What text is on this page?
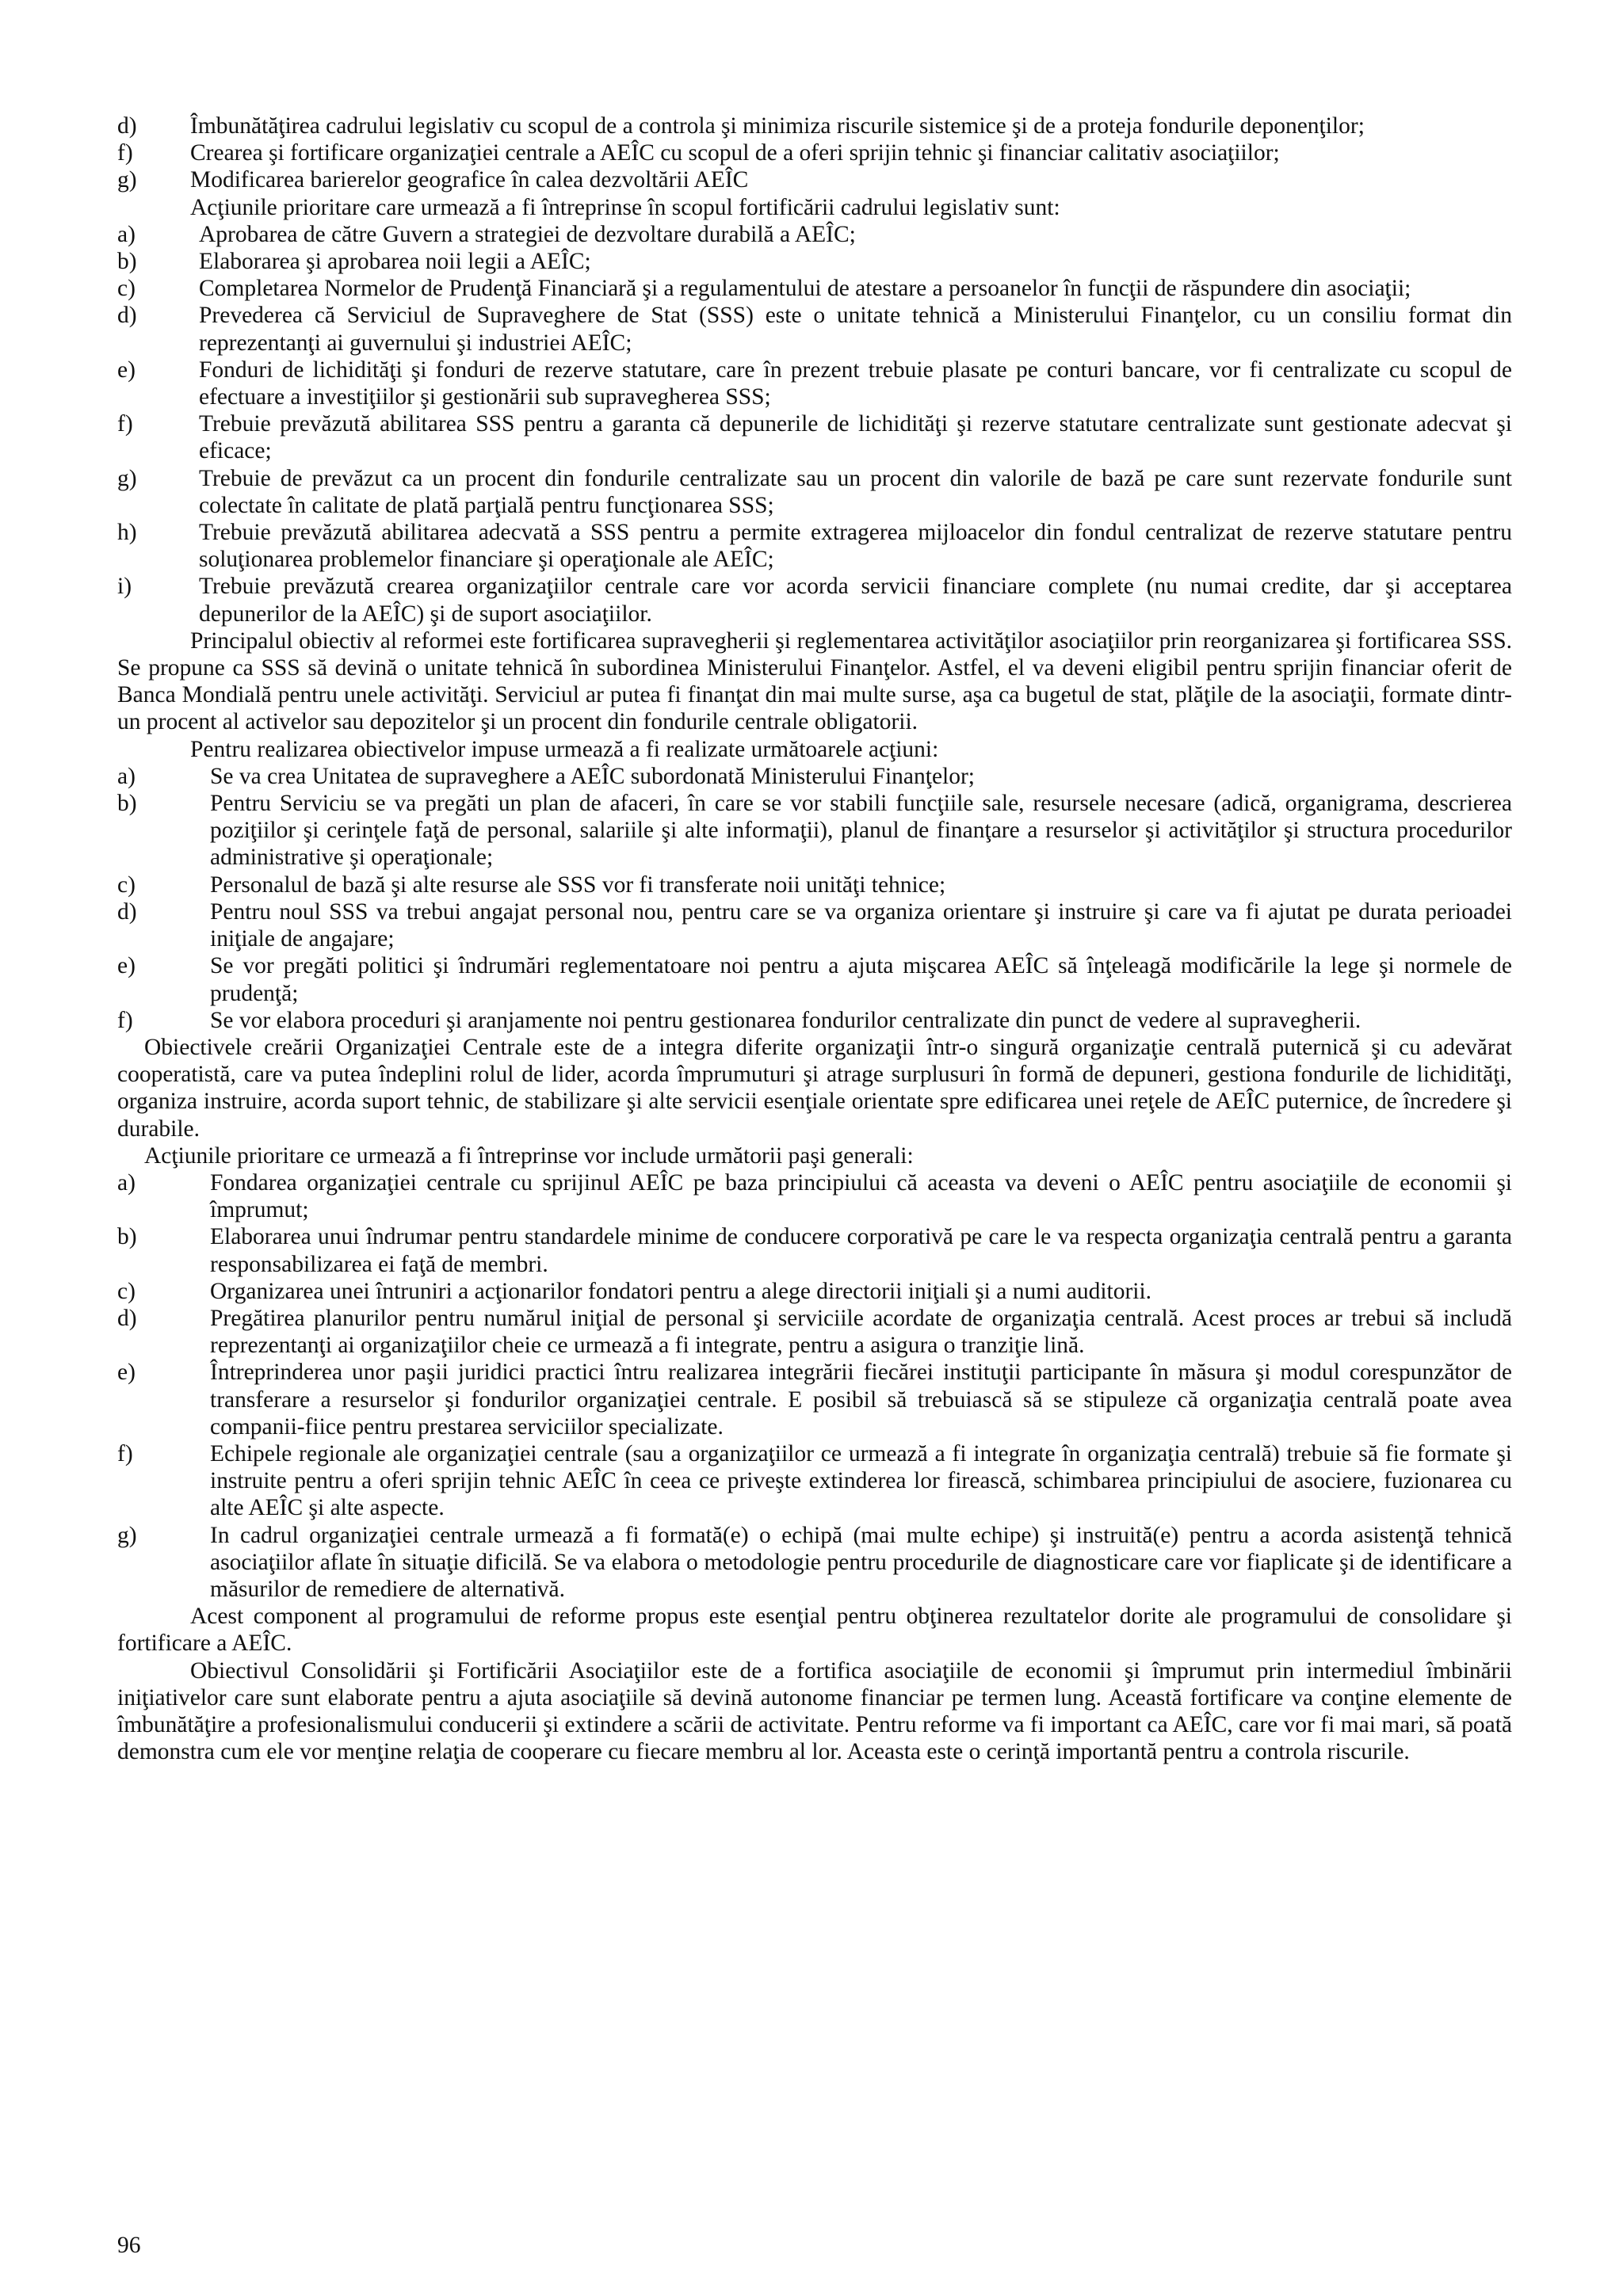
d)	Îmbunătăţirea cadrului legislativ cu scopul de a controla şi minimiza riscurile sistemice şi de a proteja fondurile deponenţilor;
f)	Crearea şi fortificare organizaţiei centrale a AEÎC cu scopul de a oferi sprijin tehnic şi financiar calitativ asociaţiilor;
g)	Modificarea barierelor geografice în calea dezvoltării AEÎC

Acţiunile prioritare care urmează a fi întreprinse în scopul fortificării cadrului legislativ sunt:

a)	Aprobarea de către Guvern a strategiei de dezvoltare durabilă a AEÎC;
b)	Elaborarea şi aprobarea noii legii a AEÎC;
c)	Completarea Normelor de Prudenţă Financiară şi a regulamentului de atestare a persoanelor în funcţii de răspundere din asociaţii;
d)	Prevederea că Serviciul de Supraveghere de Stat (SSS) este o unitate tehnică a Ministerului Finanţelor, cu un consiliu format din reprezentanţi ai guvernului şi industriei AEÎC;
e)	Fonduri de lichidităţi şi fonduri de rezerve statutare, care în prezent trebuie plasate pe conturi bancare, vor fi centralizate cu scopul de efectuare a investiţiilor şi gestionării sub supravegherea SSS;
f)	Trebuie prevăzută abilitarea SSS pentru a garanta că depunerile de lichidităţi şi rezerve statutare centralizate sunt gestionate adecvat şi eficace;
g)	Trebuie de prevăzut ca un procent din fondurile centralizate sau un procent din valorile de bază pe care sunt rezervate fondurile sunt colectate în calitate de plată parţială pentru funcţionarea SSS;
h)	Trebuie prevăzută abilitarea adecvată a SSS pentru a permite extragerea mijloacelor din fondul centralizat de rezerve statutare pentru soluţionarea problemelor financiare şi operaţionale ale AEÎC;
i)	Trebuie prevăzută crearea organizaţiilor centrale care vor acorda servicii financiare complete (nu numai credite, dar şi acceptarea depunerilor de la AEÎC) şi de suport asociaţiilor.

Principalul obiectiv al reformei este fortificarea supravegherii şi reglementarea activităţilor asociaţiilor prin reorganizarea şi fortificarea SSS. Se propune ca SSS să devină o unitate tehnică în subordinea Ministerului Finanţelor. Astfel, el va deveni eligibil pentru sprijin financiar oferit de Banca Mondială pentru unele activităţi. Serviciul ar putea fi finanţat din mai multe surse, aşa ca bugetul de stat, plăţile de la asociaţii, formate dintr-un procent al activelor sau depozitelor şi un procent din fondurile centrale obligatorii.

Pentru realizarea obiectivelor impuse urmează a fi realizate următoarele acţiuni:

a)	Se va crea Unitatea de supraveghere a AEÎC subordonată Ministerului Finanţelor;
b)	Pentru Serviciu se va pregăti un plan de afaceri, în care se vor stabili funcţiile sale, resursele necesare (adică, organigrama, descrierea poziţiilor şi cerinţele faţă de personal, salariile şi alte informaţii), planul de finanţare a resurselor şi activităţilor şi structura procedurilor administrative şi operaţionale;
c)	Personalul de bază şi alte resurse ale SSS vor fi transferate noii unităţi tehnice;
d)	Pentru noul SSS va trebui angajat personal nou, pentru care se va organiza orientare şi instruire şi care va fi ajutat pe durata perioadei iniţiale de angajare;
e)	Se vor pregăti politici şi îndrumări reglementatoare noi pentru a ajuta mişcarea AEÎC să înţeleagă modificările la lege şi normele de prudenţă;
f)	Se vor elabora proceduri şi aranjamente noi pentru gestionarea fondurilor centralizate din punct de vedere al supravegherii.

Obiectivele creării Organizaţiei Centrale este de a integra diferite organizaţii într-o singură organizaţie centrală puternică şi cu adevărat cooperatistă, care va putea îndeplini rolul de lider, acorda împrumuturi şi atrage surplusuri în formă de depuneri, gestiona fondurile de lichidităţi, organiza instruire, acorda suport tehnic, de stabilizare şi alte servicii esenţiale orientate spre edificarea unei reţele de AEÎC puternice, de încredere şi durabile.

Acţiunile prioritare ce urmează a fi întreprinse vor include următorii paşi generali:

a)	Fondarea organizaţiei centrale cu sprijinul AEÎC pe baza principiului că aceasta va deveni o AEÎC pentru asociaţiile de economii şi împrumut;
b)	Elaborarea unui îndrumar pentru standardele minime de conducere corporativă pe care le va respecta organizaţia centrală pentru a garanta responsabilizarea ei faţă de membri.
c)	Organizarea unei întruniri a acţionarilor fondatori pentru a alege directorii iniţiali şi a numi auditorii.
d)	Pregătirea planurilor pentru numărul iniţial de personal şi serviciile acordate de organizaţia centrală. Acest proces ar trebui să includă reprezentanţi ai organizaţiilor cheie ce urmează a fi integrate, pentru a asigura o tranziţie lină.
e)	Întreprinderea unor paşii juridici practici întru realizarea integrării fiecărei instituţii participante în măsura şi modul corespunzător de transferare a resurselor şi fondurilor organizaţiei centrale. E posibil să trebuiască să se stipuleze că organizaţia centrală poate avea companii-fiice pentru prestarea serviciilor specializate.
f)	Echipele regionale ale organizaţiei centrale (sau a organizaţiilor ce urmează a fi integrate în organizaţia centrală) trebuie să fie formate şi instruite pentru a oferi sprijin tehnic AEÎC în ceea ce priveşte extinderea lor firească, schimbarea principiului de asociere, fuzionarea cu alte AEÎC şi alte aspecte.
g)	In cadrul organizaţiei centrale urmează a fi formată(e) o echipă (mai multe echipe) şi instruită(e) pentru a acorda asistenţă tehnică asociaţiilor aflate în situaţie dificilă. Se va elabora o metodologie pentru procedurile de diagnosticare care vor fiaplicate şi de identificare a măsurilor de remediere de alternativă.

Acest component al programului de reforme propus este esenţial pentru obţinerea rezultatelor dorite ale programului de consolidare şi fortificare a AEÎC.

Obiectivul Consolidării şi Fortificării Asociaţiilor este de a fortifica asociaţiile de economii şi împrumut prin intermediul îmbinării iniţiativelor care sunt elaborate pentru a ajuta asociaţiile să devină autonome financiar pe termen lung. Această fortificare va conţine elemente de îmbunătăţire a profesionalismului conducerii şi extindere a scării de activitate. Pentru reforme va fi important ca AEÎC, care vor fi mai mari, să poată demonstra cum ele vor menţine relaţia de cooperare cu fiecare membru al lor. Aceasta este o cerinţă importantă pentru a controla riscurile.

96
